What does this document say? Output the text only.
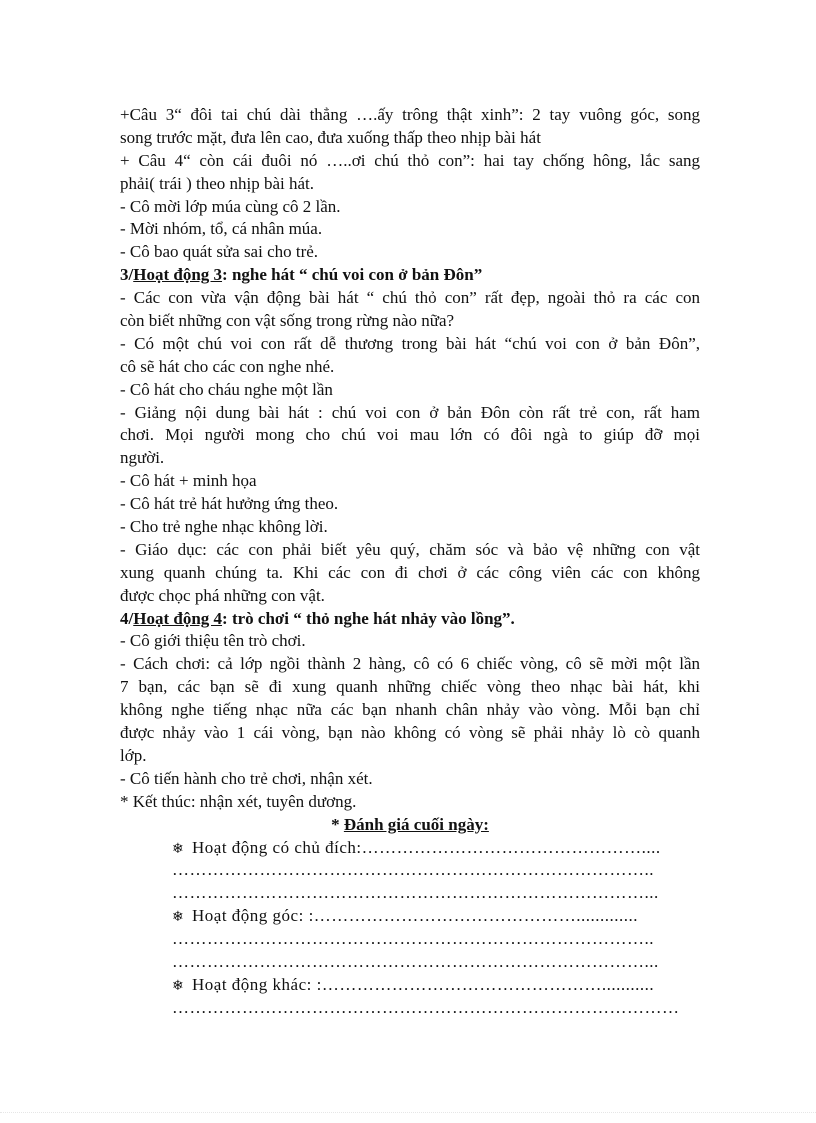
+Câu 3“ đôi tai chú dài thẳng ….ấy trông thật xinh”: 2 tay vuông góc, song
song trước mặt, đưa lên cao, đưa xuống thấp theo nhịp bài hát
+ Câu 4“ còn cái đuôi nó …..ơi chú thỏ con”: hai tay chống hông, lắc sang
phải( trái ) theo nhịp bài hát.
- Cô mời lớp múa cùng cô 2 lần.
- Mời nhóm, tổ, cá nhân múa.
- Cô bao quát sửa sai cho trẻ.
3/Hoạt động 3: nghe hát “ chú voi con ở bản Đôn”
- Các con vừa vận động bài hát “ chú thỏ con” rất đẹp, ngoài thỏ ra các con
còn biết những con vật sống trong rừng nào nữa?
- Có một chú voi con rất dễ thương trong bài hát “chú voi con ở bản Đôn”,
cô sẽ hát cho các con nghe nhé.
- Cô hát cho cháu nghe một lần
- Giảng nội dung bài hát : chú voi con ở bản Đôn còn rất trẻ con, rất ham
chơi. Mọi người mong cho chú voi mau lớn có đôi ngà to giúp đỡ mọi
người.
- Cô hát + minh họa
- Cô hát trẻ hát hưởng ứng theo.
- Cho trẻ nghe nhạc không lời.
- Giáo dục: các con phải biết yêu quý, chăm sóc và bảo vệ những con vật
xung quanh chúng ta. Khi các con đi chơi ở các công viên các con không
được chọc phá những con vật.
4/Hoạt động 4: trò chơi “ thỏ nghe hát nhảy vào lồng”.
- Cô giới thiệu tên trò chơi.
- Cách chơi: cả lớp ngồi thành 2 hàng, cô có 6 chiếc vòng, cô sẽ mời một lần
7 bạn, các bạn sẽ đi xung quanh những chiếc vòng theo nhạc bài hát, khi
không nghe tiếng nhạc nữa các bạn nhanh chân nhảy vào vòng. Mỗi bạn chỉ
được nhảy vào 1 cái vòng, bạn nào không có vòng sẽ phải nhảy lò cò quanh
lớp.
- Cô tiến hành cho trẻ chơi, nhận xét.
* Kết thúc: nhận xét, tuyên dương.
* Đánh giá cuối ngày:
❄ Hoạt động có chủ đích:…………………………………………....
………………………………………………………………………..
………………………………………………………………………...
❄ Hoạt động góc: :……………………………………….............
………………………………………………………………………..
………………………………………………………………………...
❄ Hoạt động khác: :…………………………………………...........
……………………………………………………………………………
